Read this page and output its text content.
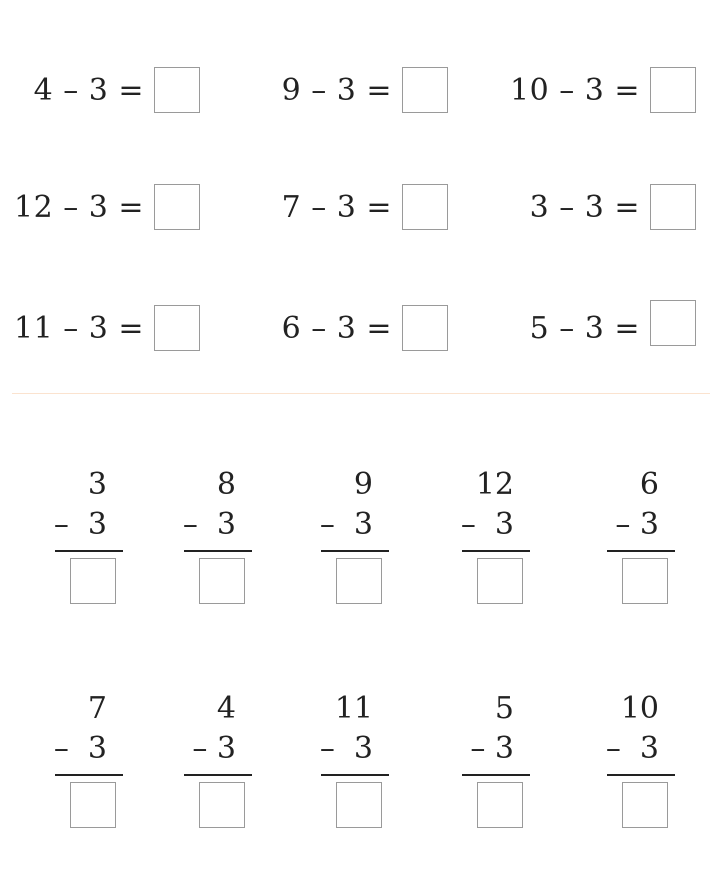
4 – 3 =	9 – 3 =	10 – 3 =
12 – 3 =	7 – 3 =	3 – 3 =
11 – 3 =	6 – 3 =	5 – 3 =
3
–  3
8
–  3
9
–  3
12
–  3
6
– 3
7
–  3
4
– 3
11
–  3
5
– 3
10
–  3
